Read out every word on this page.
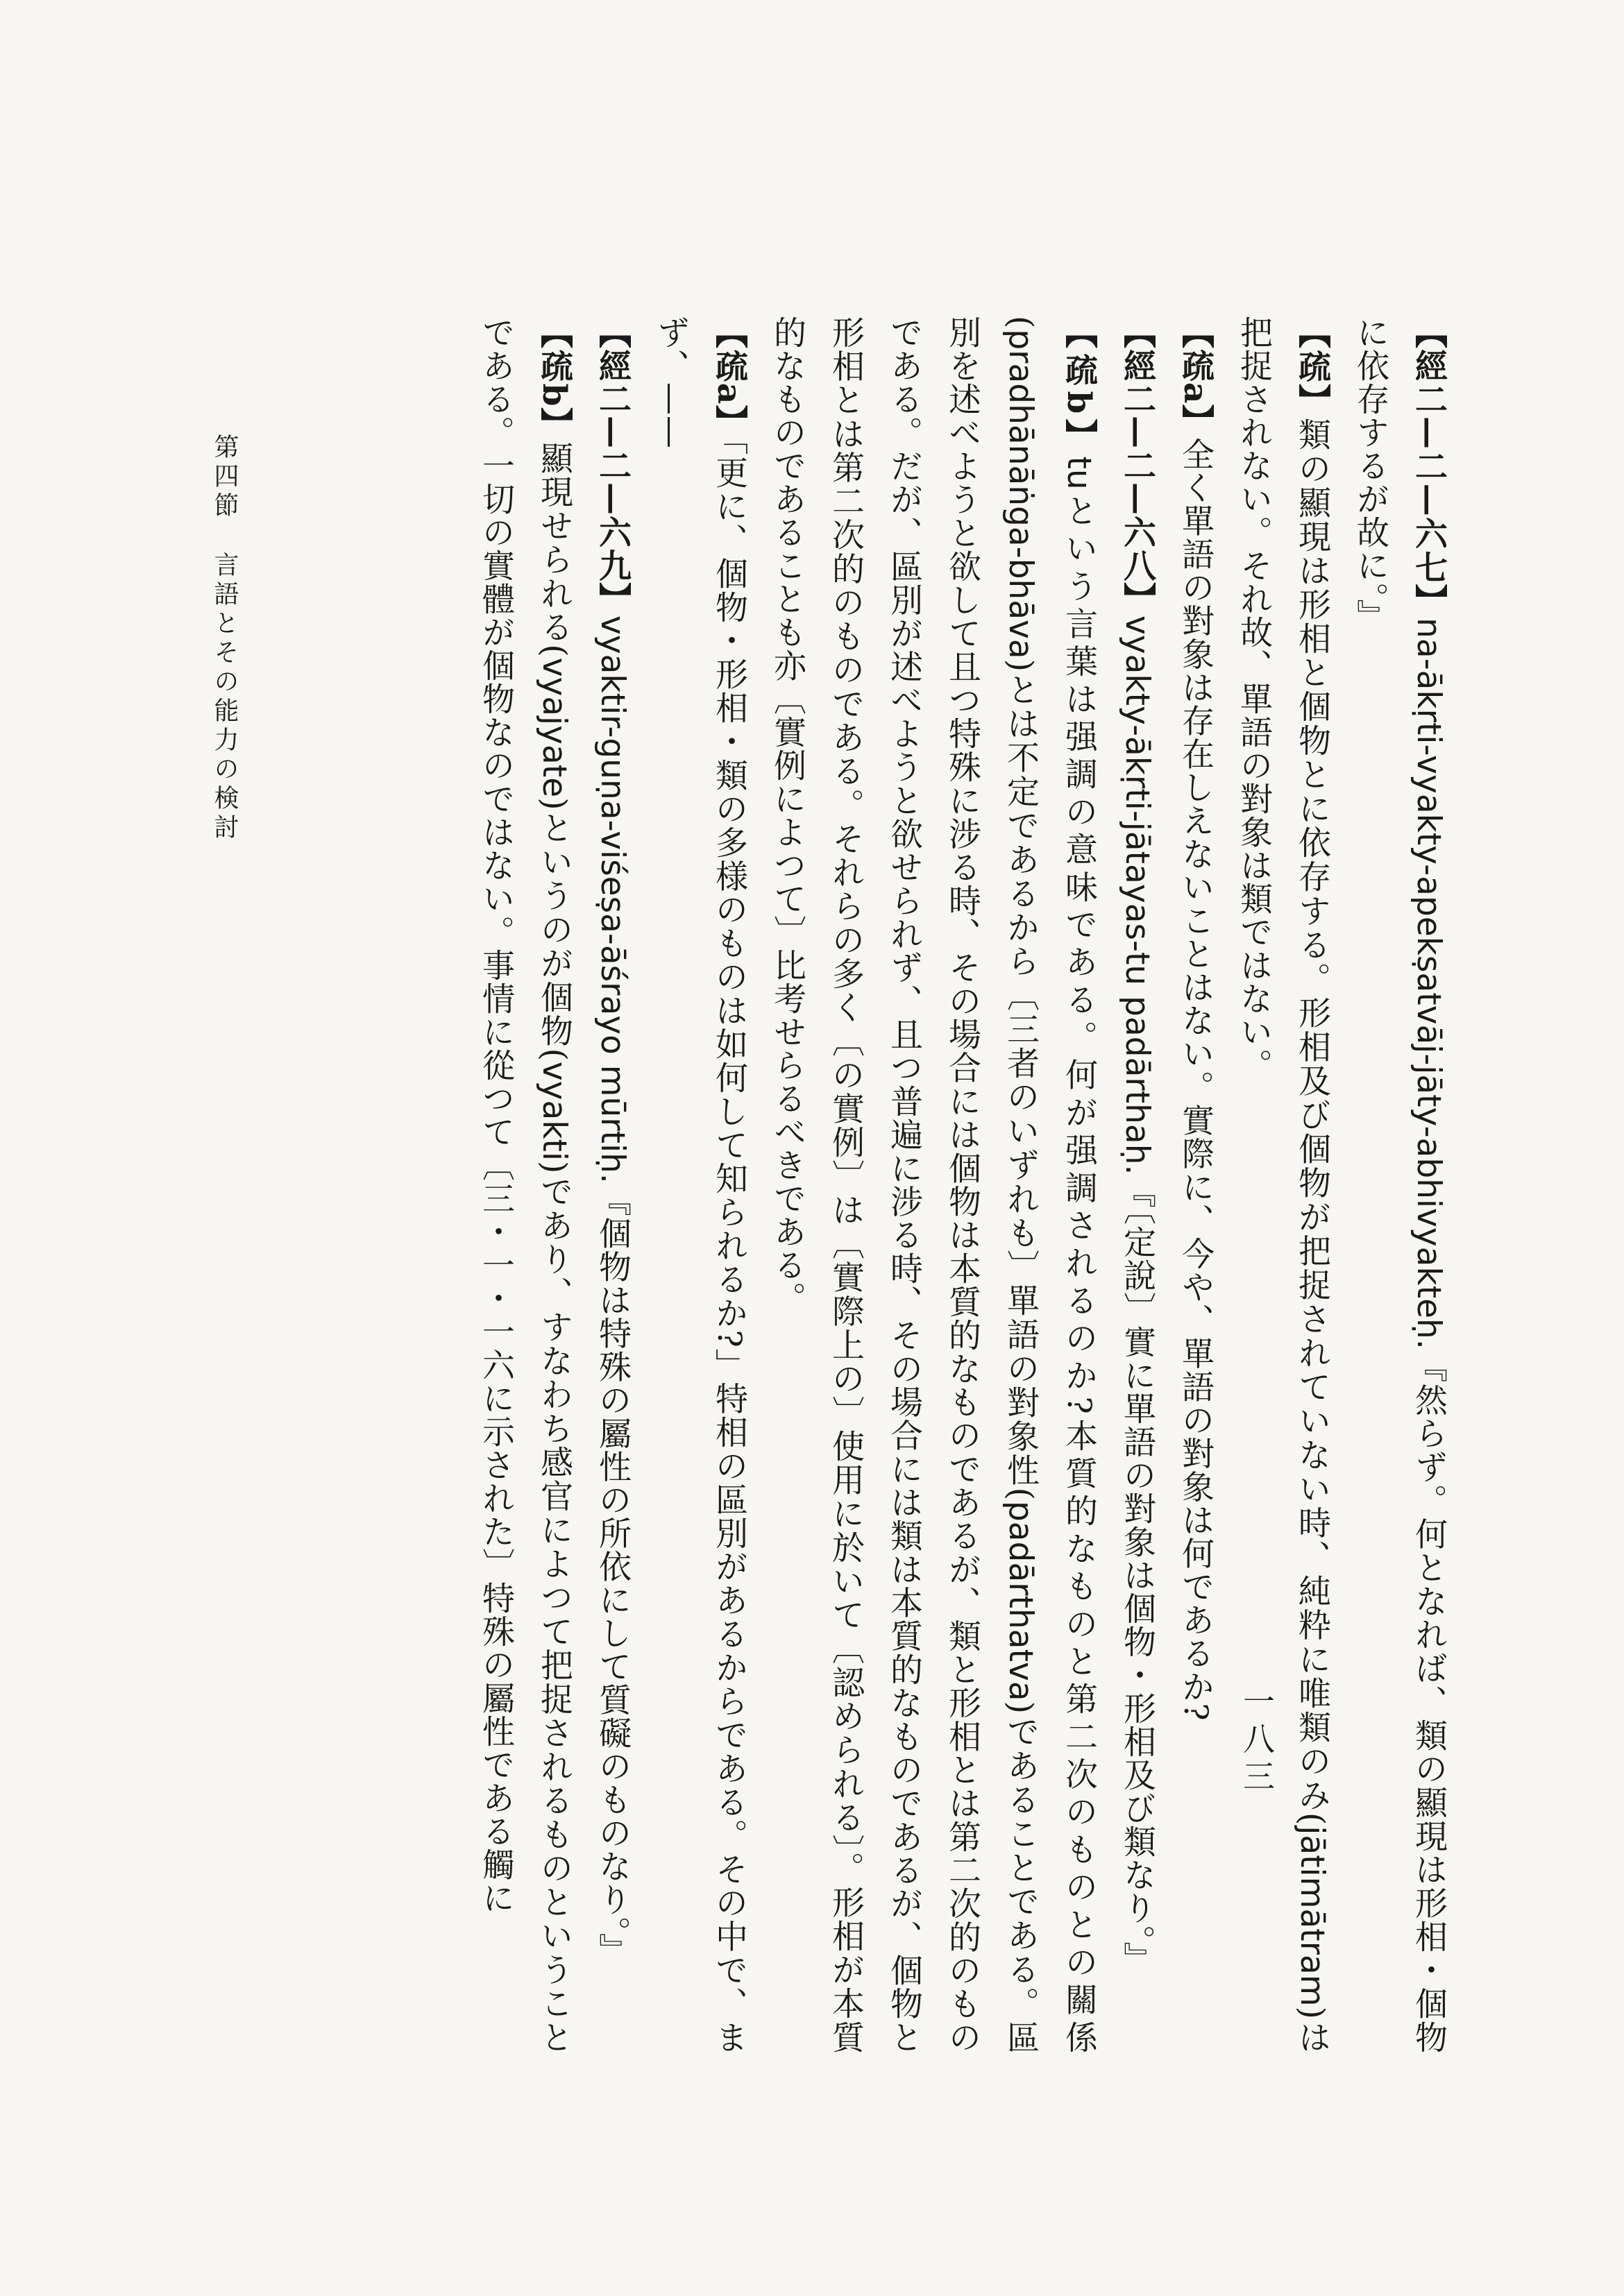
【經二—二—六七】na-ākṛti-vyakty-apekṣatvāj-jāty-abhivyakteḥ.『然らず。何となれば、類の顯現は形相・個物に依存するが故に。』

【疏】類の顯現は形相と個物とに依存する。形相及び個物が把捉されていない時、純粋に唯類のみ(jātimātram)は把捉されない。それ故、單語の對象は類ではない。

【疏a】全く單語の對象は存在しえないことはない。實際に、今や、單語の對象は何であるか?

【經二—二—六八】vyakty-ākṛti-jātayas-tu padārthaḥ.『〔定說〕實に單語の對象は個物・形相及び類なり。』

【疏b】tuという言葉は强調の意味である。何が强調されるのか?本質的なものと第二次のものとの關係(pradhānāṅga-bhāva)とは不定であるから〔三者のいずれも〕單語の對象性(padārthatva)であることである。區別を述べようと欲して且つ特殊に涉る時、その場合には個物は本質的なものであるが、類と形相とは第二次的のものである。だが、區別が述べようと欲せられず、且つ普遍に涉る時、その場合には類は本質的なものであるが、個物と形相とは第二次的のものである。それらの多く〔の實例〕は〔實際上の〕使用に於いて〔認められる〕。形相が本質的なものであることも亦〔實例によつて〕比考せらるべきである。

【疏a】「更に、個物・形相・類の多様のものは如何して知られるか?」特相の區別があるからである。その中で、まず、——

【經二—二—六九】vyaktir-guṇa-viśeṣa-āśrayo mūrtiḥ.『個物は特殊の屬性の所依にして質礙のものなり。』

【疏b】顯現せられる(vyajyate)というのが個物(vyakti)であり、すなわち感官によつて把捉されるものということである。一切の實體が個物なのではない。事情に從つて〔三・一・一六に示された〕特殊の屬性である觸に	一八三
第四節言語とその能力の検討
